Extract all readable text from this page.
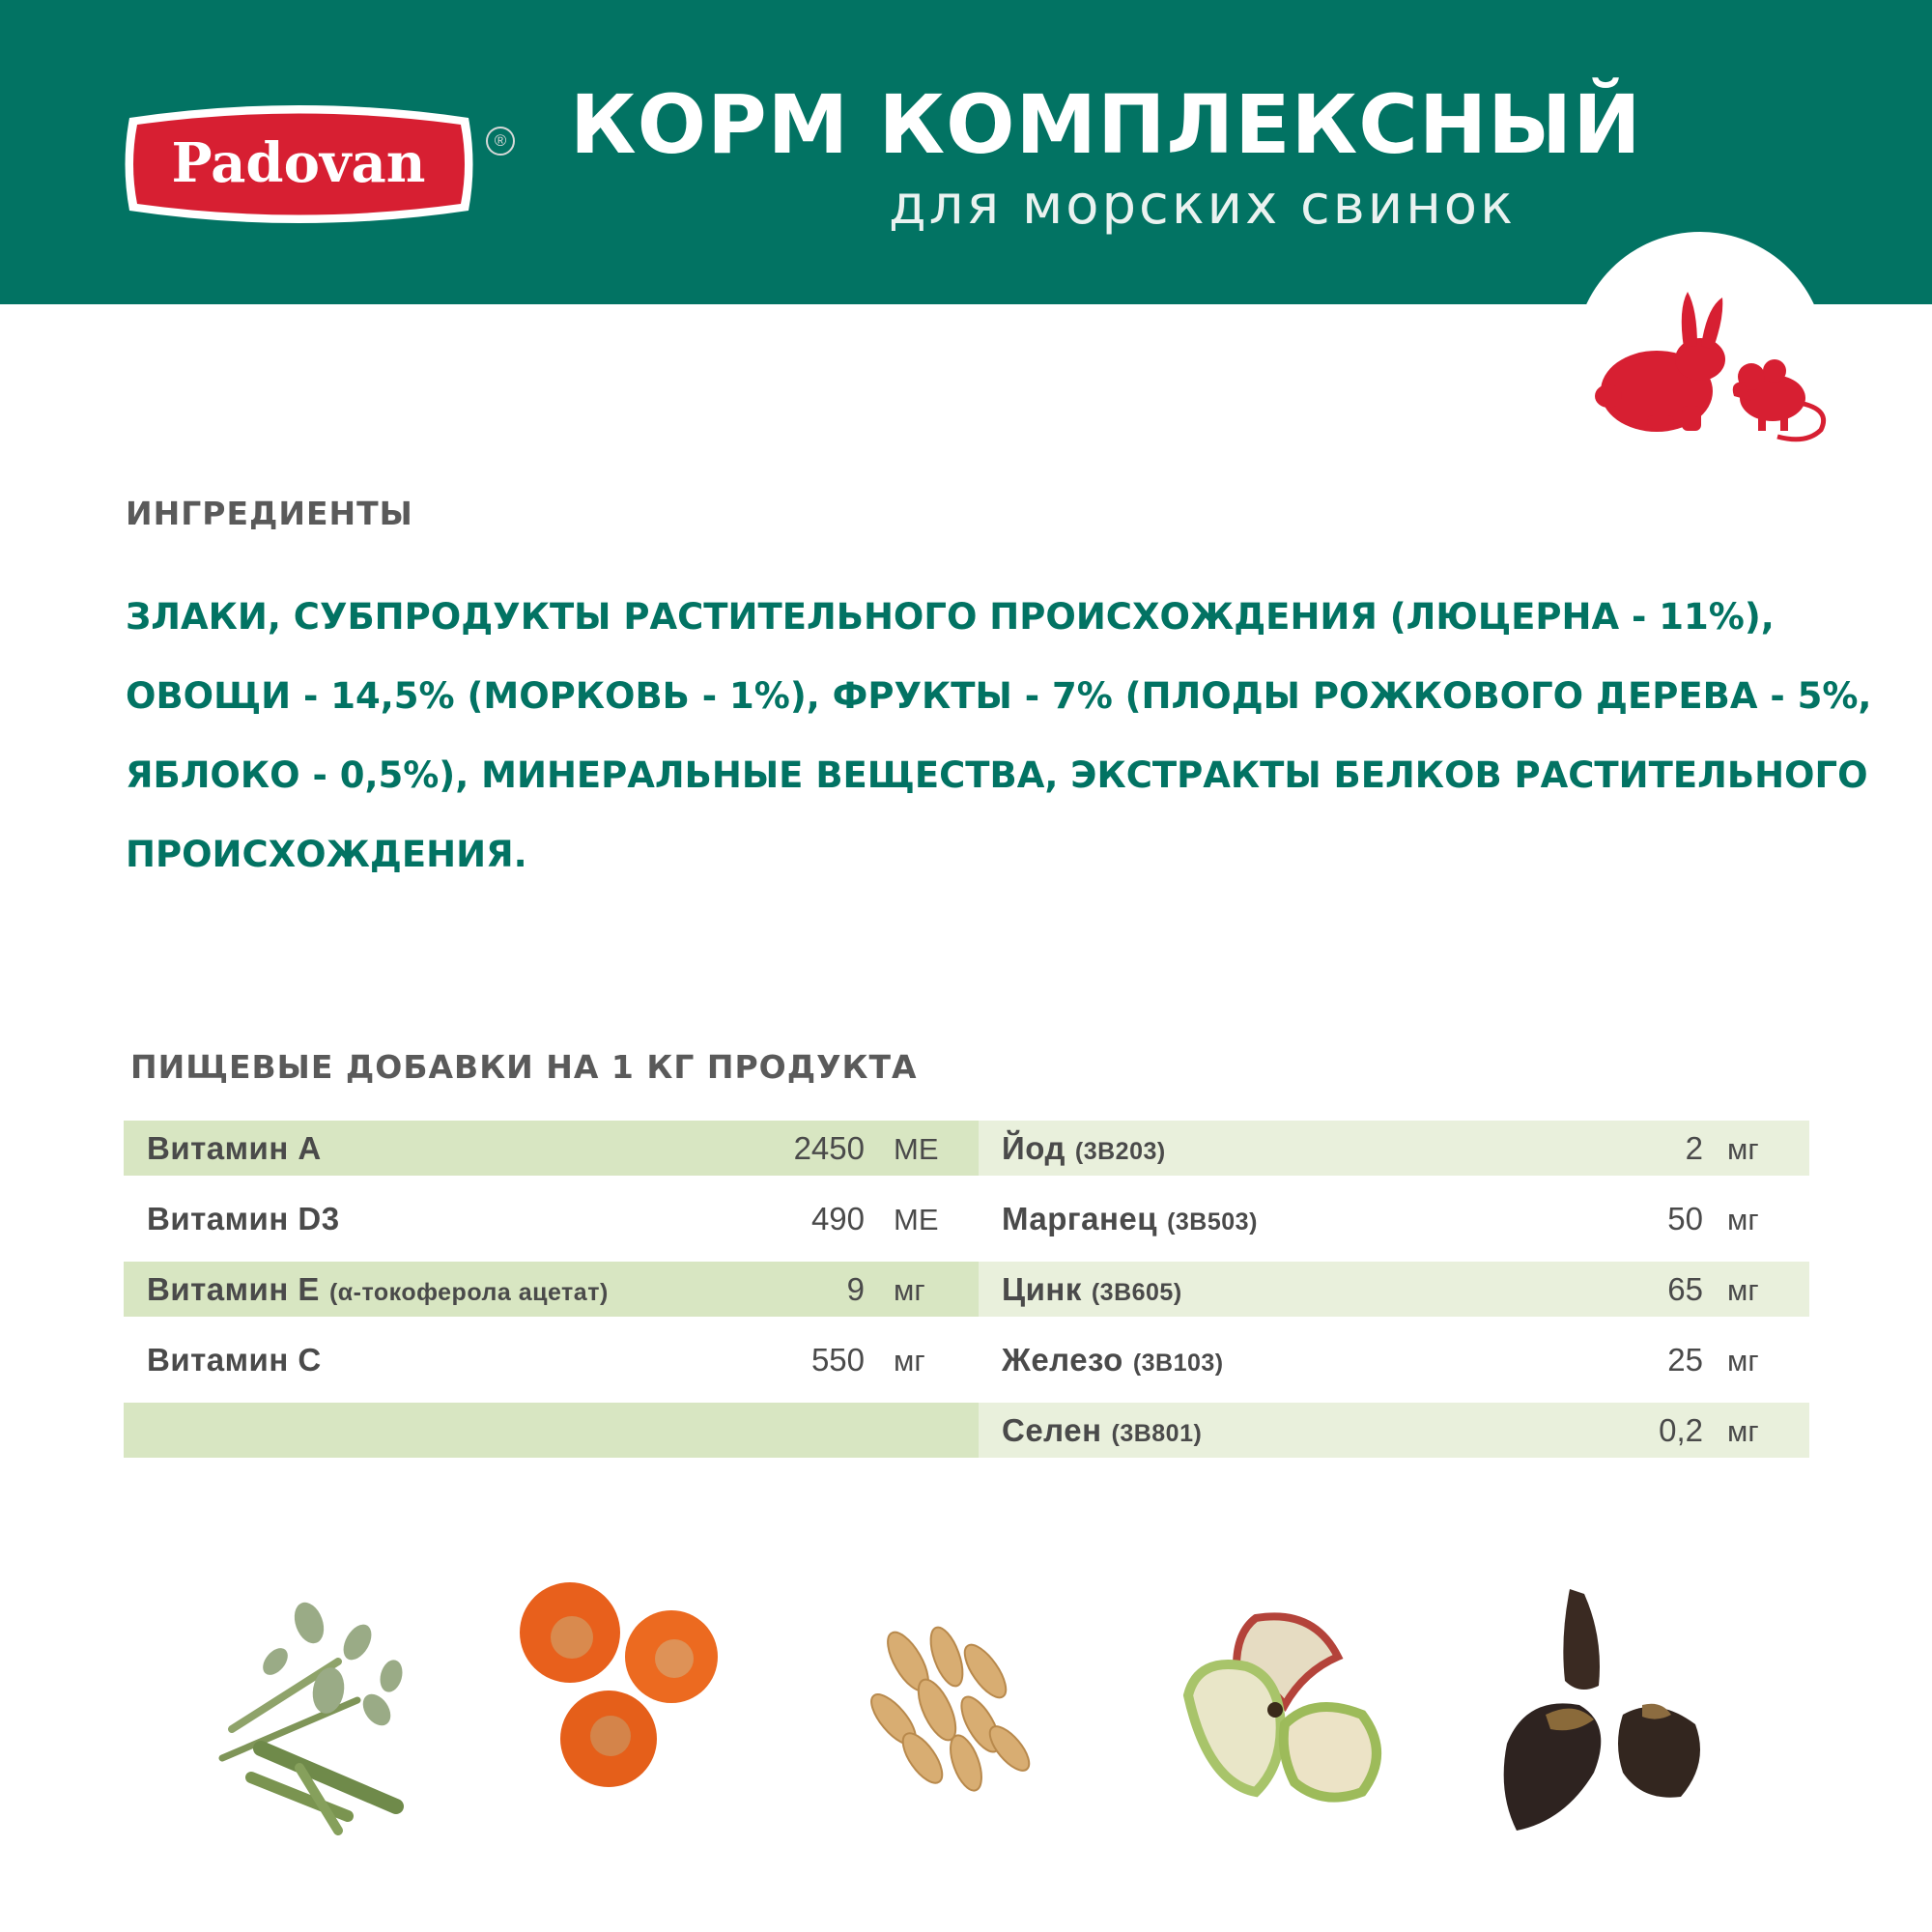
Padovan	® КОРМ КОМПЛЕКСНЫЙ
для морских свинок
ИНГРЕДИЕНТЫ

ЗЛАКИ, СУБПРОДУКТЫ РАСТИТЕЛЬНОГО ПРОИСХОЖДЕНИЯ (ЛЮЦЕРНА - 11%),
ОВОЩИ - 14,5% (МОРКОВЬ - 1%), ФРУКТЫ - 7% (ПЛОДЫ РОЖКОВОГО ДЕРЕВА - 5%,
ЯБЛОКО - 0,5%), МИНЕРАЛЬНЫЕ ВЕЩЕСТВА, ЭКСТРАКТЫ БЕЛКОВ РАСТИТЕЛЬНОГО
ПРОИСХОЖДЕНИЯ.

ПИЩЕВЫЕ ДОБАВКИ НА 1 КГ ПРОДУКТА
Витамин А	2450 МЕ
Витамин D3	490 МЕ
Витамин Е (α-токоферола ацетат)	9 мг
Витамин С	550 мг
Йод (3B203)	2 мг
Марганец (3B503)	50 мг
Цинк (3B605)	65 мг
Железо (3B103)	25 мг
Селен (3B801)	0,2 мг
